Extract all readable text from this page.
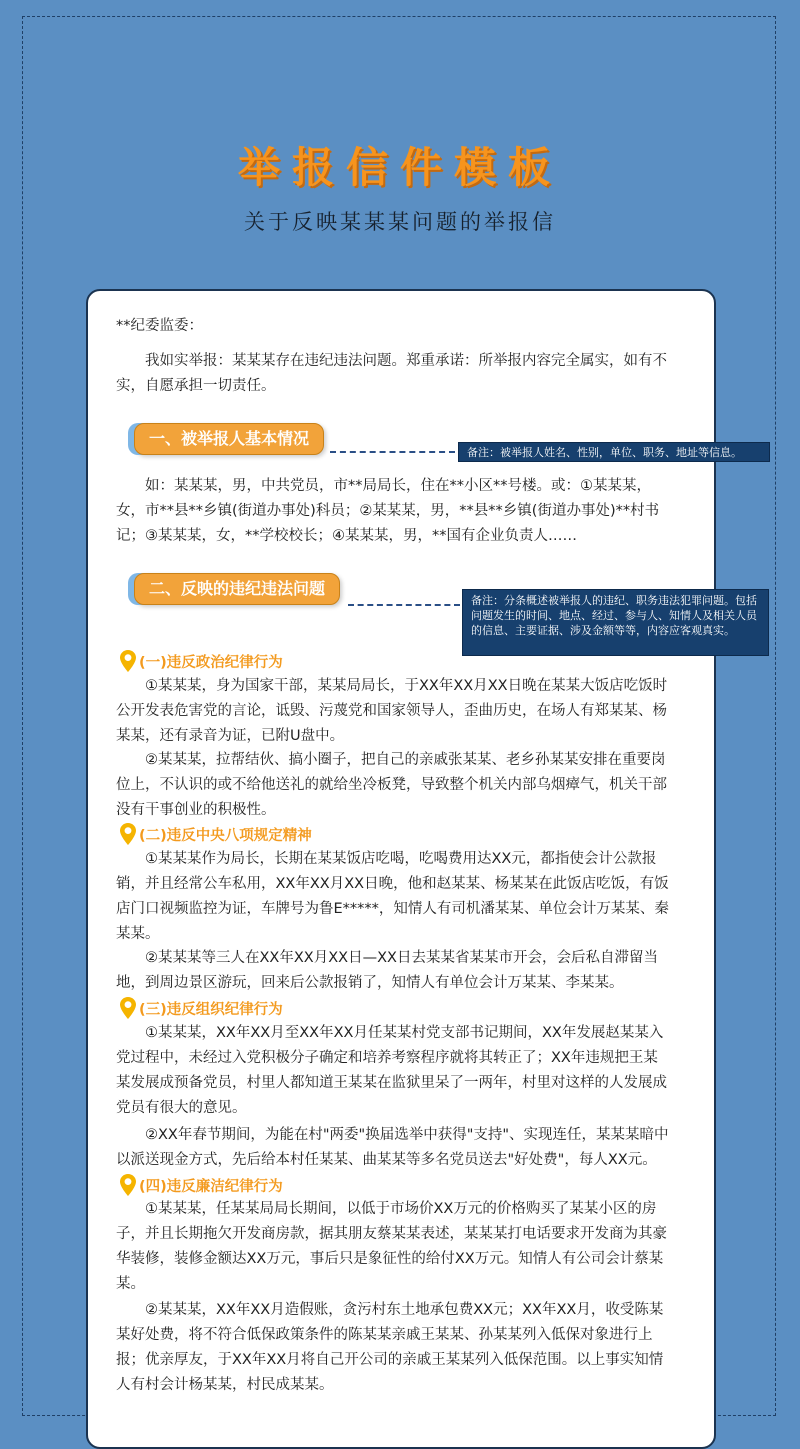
举报信件模板
关于反映某某某问题的举报信
**纪委监委：
我如实举报：某某某存在违纪违法问题。郑重承诺：所举报内容完全属实，如有不实，自愿承担一切责任。
一、被举报人基本情况
备注：被举报人姓名、性别，单位、职务、地址等信息。
如：某某某，男，中共党员，市**局局长，住在**小区**号楼。或：①某某某，女，市**县**乡镇(街道办事处)科员；②某某某，男，**县**乡镇(街道办事处)**村书记；③某某某，女，**学校校长；④某某某，男，**国有企业负责人……
二、反映的违纪违法问题
备注：分条概述被举报人的违纪、职务违法犯罪问题。包括问题发生的时间、地点、经过、参与人、知情人及相关人员的信息、主要证据、涉及金额等等，内容应客观真实。
(一)违反政治纪律行为
①某某某，身为国家干部，某某局局长，于XX年XX月XX日晚在某某大饭店吃饭时公开发表危害党的言论，诋毁、污蔑党和国家领导人，歪曲历史，在场人有郑某某、杨某某，还有录音为证，已附U盘中。
②某某某，拉帮结伙、搞小圈子，把自己的亲戚张某某、老乡孙某某安排在重要岗位上，不认识的或不给他送礼的就给坐冷板凳，导致整个机关内部乌烟瘴气，机关干部没有干事创业的积极性。
(二)违反中央八项规定精神
①某某某作为局长，长期在某某饭店吃喝，吃喝费用达XX元，都指使会计公款报销，并且经常公车私用，XX年XX月XX日晚，他和赵某某、杨某某在此饭店吃饭，有饭店门口视频监控为证，车牌号为鲁E*****，知情人有司机潘某某、单位会计万某某、秦某某。
②某某某等三人在XX年XX月XX日—XX日去某某省某某市开会，会后私自滞留当地，到周边景区游玩，回来后公款报销了，知情人有单位会计万某某、李某某。
(三)违反组织纪律行为
①某某某，XX年XX月至XX年XX月任某某村党支部书记期间，XX年发展赵某某入党过程中，未经过入党积极分子确定和培养考察程序就将其转正了；XX年违规把王某某发展成预备党员，村里人都知道王某某在监狱里呆了一两年，村里对这样的人发展成党员有很大的意见。
②XX年春节期间，为能在村"两委"换届选举中获得"支持"、实现连任，某某某暗中以派送现金方式，先后给本村任某某、曲某某等多名党员送去"好处费"，每人XX元。
(四)违反廉洁纪律行为
①某某某，任某某局局长期间，以低于市场价XX万元的价格购买了某某小区的房子，并且长期拖欠开发商房款，据其朋友蔡某某表述，某某某打电话要求开发商为其豪华装修，装修金额达XX万元，事后只是象征性的给付XX万元。知情人有公司会计蔡某某。
②某某某，XX年XX月造假账，贪污村东土地承包费XX元；XX年XX月，收受陈某某好处费，将不符合低保政策条件的陈某某亲戚王某某、孙某某列入低保对象进行上报；优亲厚友，于XX年XX月将自己开公司的亲戚王某某列入低保范围。以上事实知情人有村会计杨某某，村民成某某。
